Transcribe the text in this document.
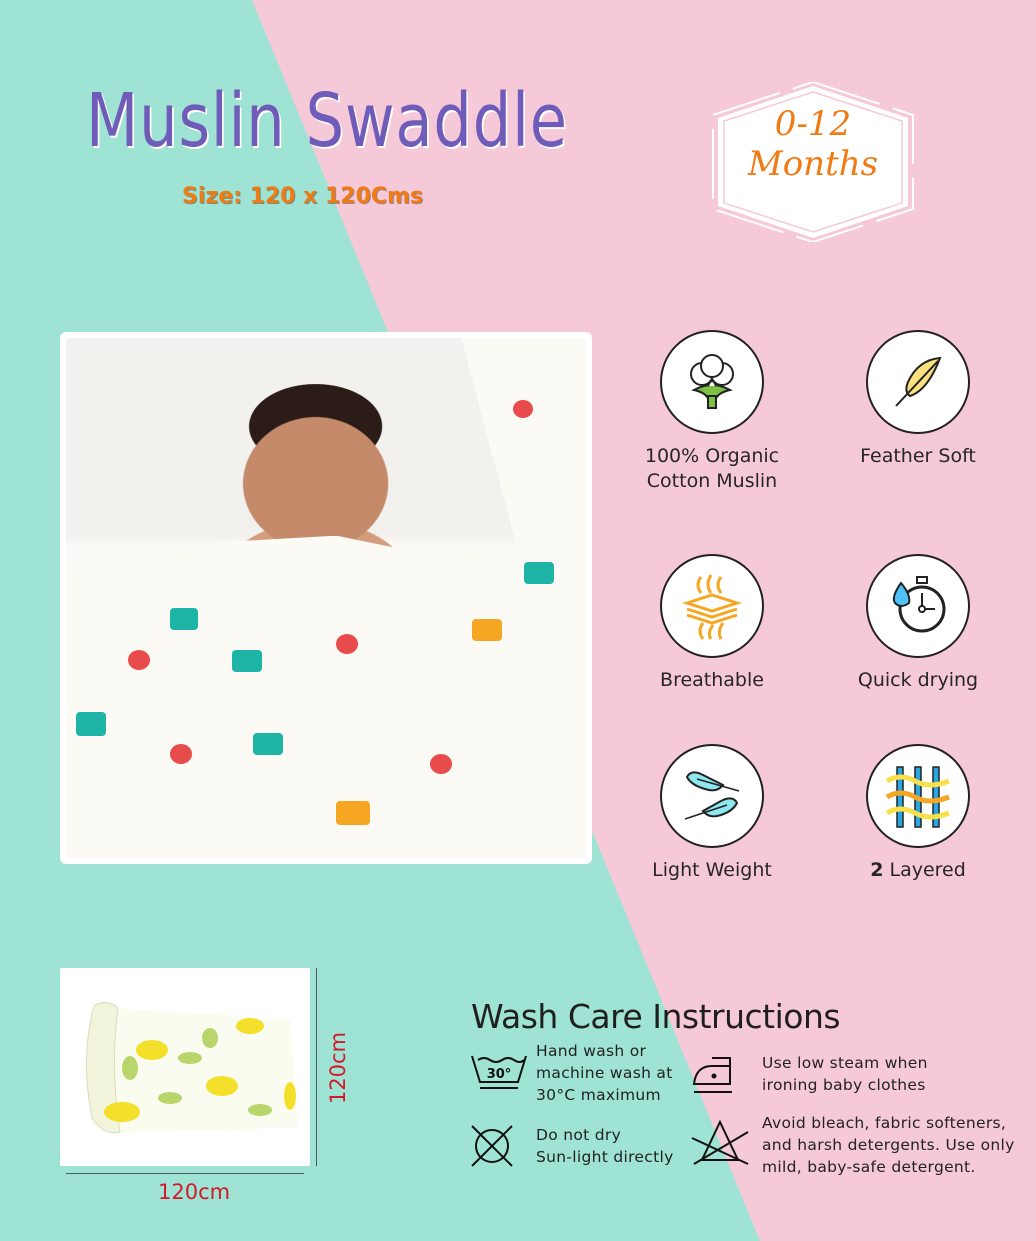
Muslin Swaddle
Size: 120 x 120Cms
0-12
Months
100% Organic
Cotton Muslin
Feather Soft
Breathable	Quick drying
Light Weight	2 Layered
120cm
120cm
Wash Care Instructions
30°
Hand wash or
machine wash at
30°C maximum
Use low steam when
ironing baby clothes
Do not dry
Sun-light directly
Avoid bleach, fabric softeners,
and harsh detergents. Use only
mild, baby-safe detergent.
